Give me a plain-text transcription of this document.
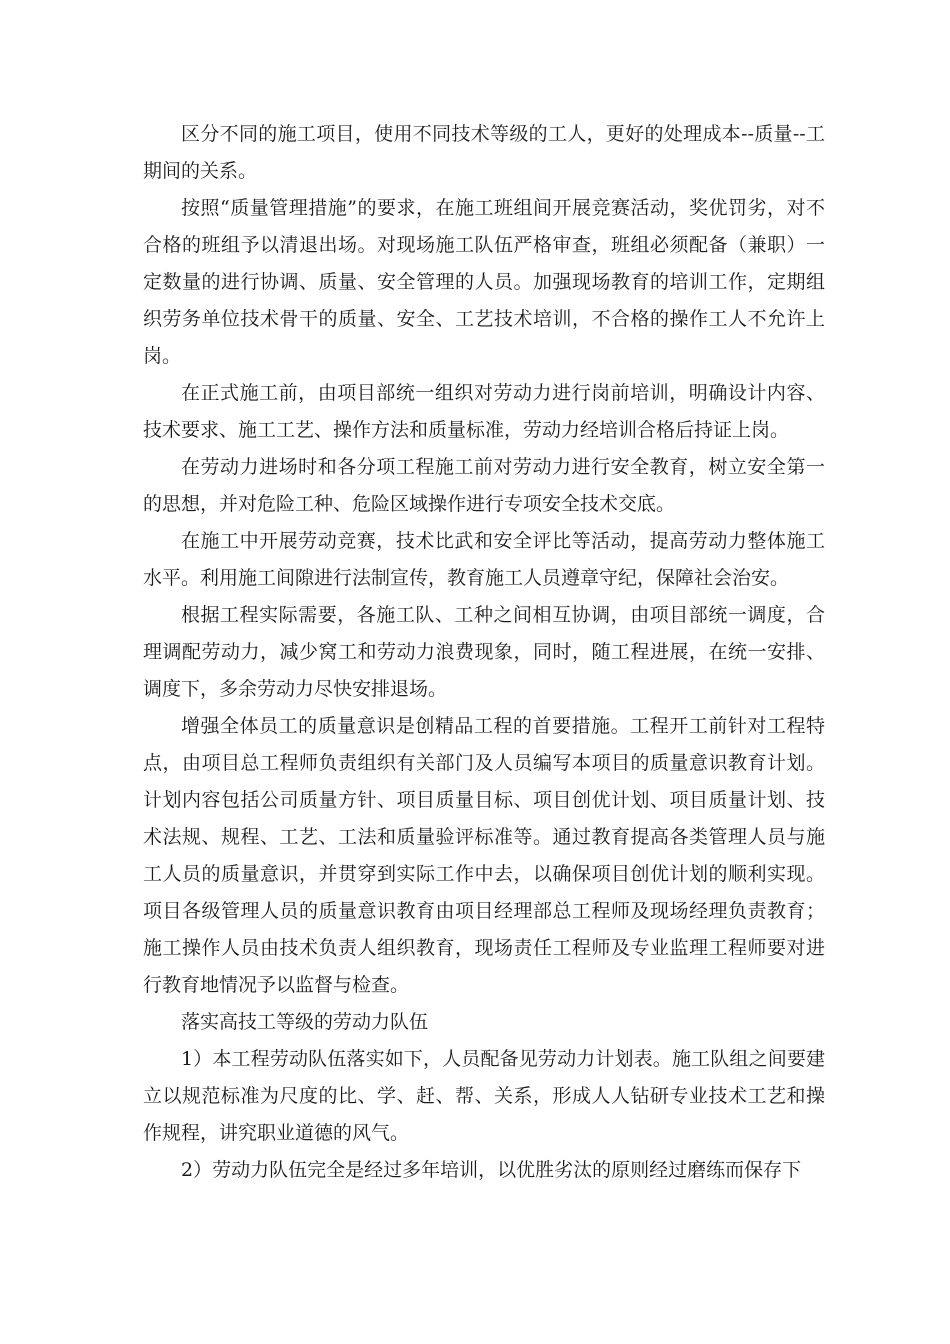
区分不同的施工项目，使用不同技术等级的工人，更好的处理成本--质量--工期间的关系。

按照“质量管理措施”的要求，在施工班组间开展竞赛活动，奖优罚劣，对不合格的班组予以清退出场。对现场施工队伍严格审查，班组必须配备（兼职）一定数量的进行协调、质量、安全管理的人员。加强现场教育的培训工作，定期组织劳务单位技术骨干的质量、安全、工艺技术培训，不合格的操作工人不允许上岗。

在正式施工前，由项目部统一组织对劳动力进行岗前培训，明确设计内容、技术要求、施工工艺、操作方法和质量标准，劳动力经培训合格后持证上岗。

在劳动力进场时和各分项工程施工前对劳动力进行安全教育，树立安全第一的思想，并对危险工种、危险区域操作进行专项安全技术交底。

在施工中开展劳动竞赛，技术比武和安全评比等活动，提高劳动力整体施工水平。利用施工间隙进行法制宣传，教育施工人员遵章守纪，保障社会治安。

根据工程实际需要，各施工队、工种之间相互协调，由项目部统一调度，合理调配劳动力，减少窝工和劳动力浪费现象，同时，随工程进展，在统一安排、调度下，多余劳动力尽快安排退场。

增强全体员工的质量意识是创精品工程的首要措施。工程开工前针对工程特点，由项目总工程师负责组织有关部门及人员编写本项目的质量意识教育计划。计划内容包括公司质量方针、项目质量目标、项目创优计划、项目质量计划、技术法规、规程、工艺、工法和质量验评标准等。通过教育提高各类管理人员与施工人员的质量意识，并贯穿到实际工作中去，以确保项目创优计划的顺利实现。项目各级管理人员的质量意识教育由项目经理部总工程师及现场经理负责教育；施工操作人员由技术负责人组织教育，现场责任工程师及专业监理工程师要对进行教育地情况予以监督与检查。

落实高技工等级的劳动力队伍

1）本工程劳动队伍落实如下，人员配备见劳动力计划表。施工队组之间要建立以规范标准为尺度的比、学、赶、帮、关系，形成人人钻研专业技术工艺和操作规程，讲究职业道德的风气。

2）劳动力队伍完全是经过多年培训，以优胜劣汰的原则经过磨练而保存下
